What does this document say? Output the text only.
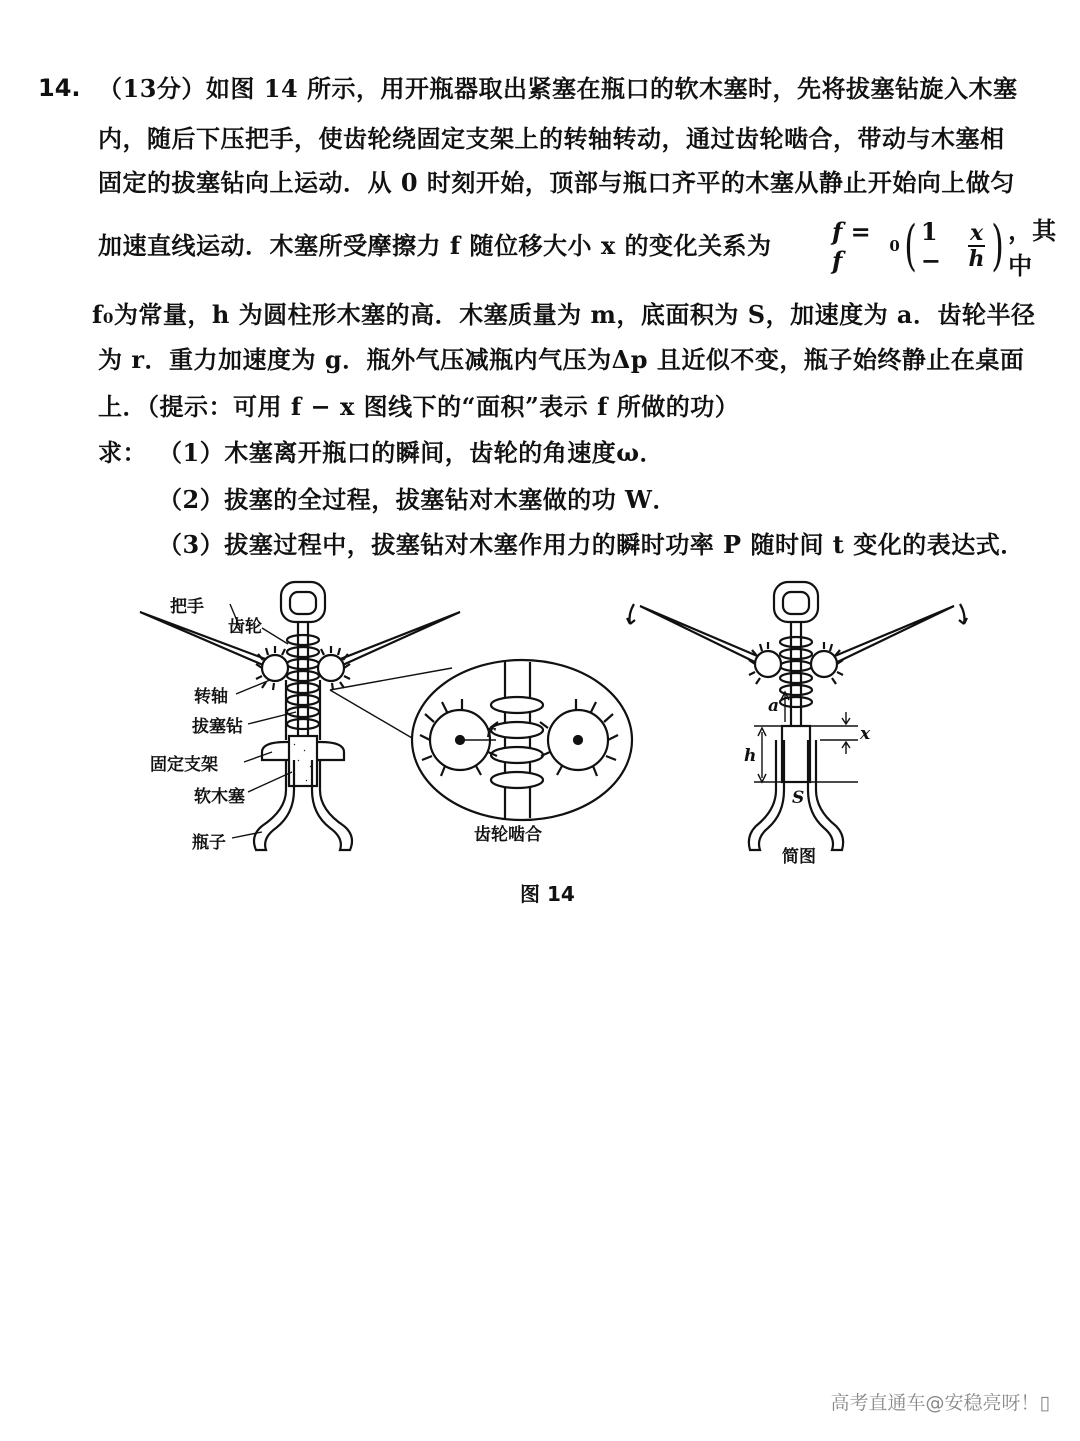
14. （13分）如图 14 所示，用开瓶器取出紧塞在瓶口的软木塞时，先将拔塞钻旋入木塞
内，随后下压把手，使齿轮绕固定支架上的转轴转动，通过齿轮啮合，带动与木塞相
固定的拔塞钻向上运动．从 0 时刻开始，顶部与瓶口齐平的木塞从静止开始向上做匀
加速直线运动．木塞所受摩擦力 f 随位移大小 x 的变化关系为	f = f	0 ( 1 −	$\frac{x}{h}$ ) ，其中
f₀为常量，h 为圆柱形木塞的高．木塞质量为 m，底面积为 S，加速度为 a．齿轮半径
为 r．重力加速度为 g．瓶外气压减瓶内气压为Δp 且近似不变，瓶子始终静止在桌面
上．（提示：可用 f − x 图线下的“面积”表示 f 所做的功）
求： （1）木塞离开瓶口的瞬间，齿轮的角速度ω．
（2）拔塞的全过程，拔塞钻对木塞做的功 W．
（3）拔塞过程中，拔塞钻对木塞作用力的瞬时功率 P 随时间 t 变化的表达式．
把手
齿轮
转轴
拔塞钻
固定支架
软木塞
瓶子	齿轮啮合
r
简图
a
h
x
S
图 14
高考直通车@安稳亮呀！▯
